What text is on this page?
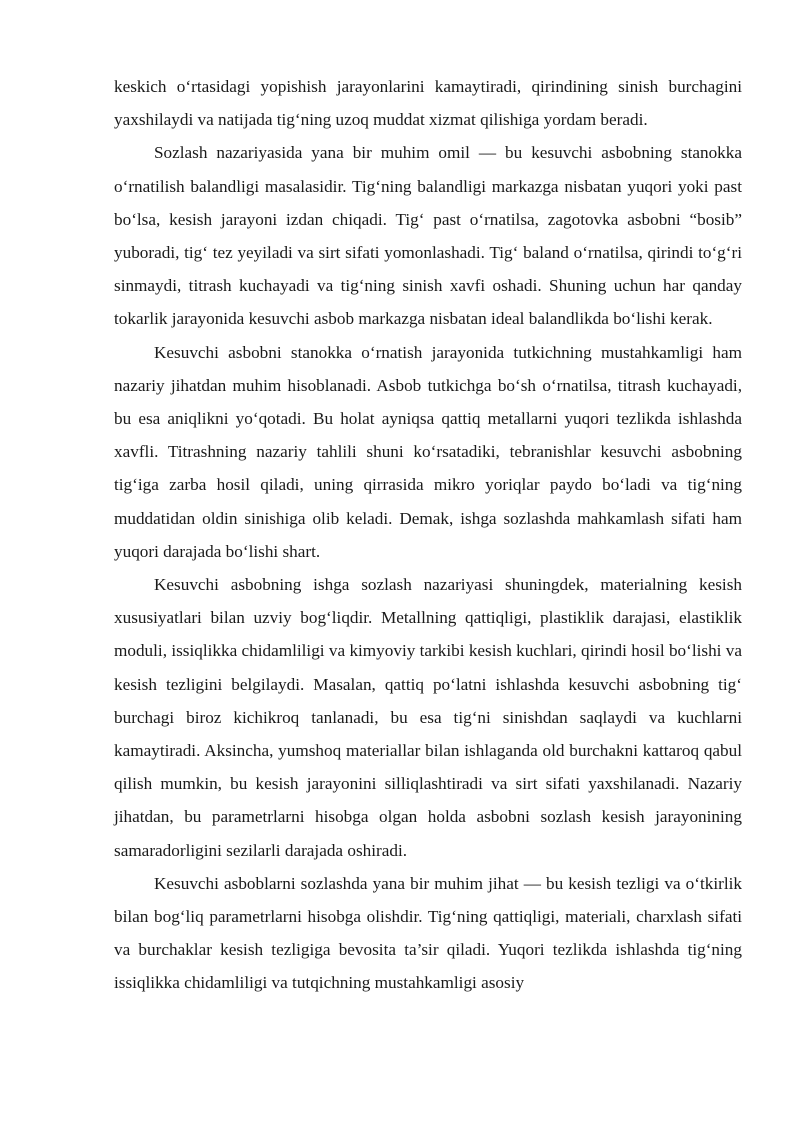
keskich o‘rtasidagi yopishish jarayonlarini kamaytiradi, qirindining sinish burchagini yaxshilaydi va natijada tig‘ning uzoq muddat xizmat qilishiga yordam beradi.

Sozlash nazariyasida yana bir muhim omil — bu kesuvchi asbobning stanokka o‘rnatilish balandligi masalasidir. Tig‘ning balandligi markazga nisbatan yuqori yoki past bo‘lsa, kesish jarayoni izdan chiqadi. Tig‘ past o‘rnatilsa, zagotovka asbobni “bosib” yuboradi, tig‘ tez yeyiladi va sirt sifati yomonlashadi. Tig‘ baland o‘rnatilsa, qirindi to‘g‘ri sinmaydi, titrash kuchayadi va tig‘ning sinish xavfi oshadi. Shuning uchun har qanday tokarlik jarayonida kesuvchi asbob markazga nisbatan ideal balandlikda bo‘lishi kerak.

Kesuvchi asbobni stanokka o‘rnatish jarayonida tutkichning mustahkamligi ham nazariy jihatdan muhim hisoblanadi. Asbob tutkichga bo‘sh o‘rnatilsa, titrash kuchayadi, bu esa aniqlikni yo‘qotadi. Bu holat ayniqsa qattiq metallarni yuqori tezlikda ishlashda xavfli. Titrashning nazariy tahlili shuni ko‘rsatadiki, tebranishlar kesuvchi asbobning tig‘iga zarba hosil qiladi, uning qirrasida mikro yoriqlar paydo bo‘ladi va tig‘ning muddatidan oldin sinishiga olib keladi. Demak, ishga sozlashda mahkamlash sifati ham yuqori darajada bo‘lishi shart.

Kesuvchi asbobning ishga sozlash nazariyasi shuningdek, materialning kesish xususiyatlari bilan uzviy bog‘liqdir. Metallning qattiqligi, plastiklik darajasi, elastiklik moduli, issiqlikka chidamliligi va kimyoviy tarkibi kesish kuchlari, qirindi hosil bo‘lishi va kesish tezligini belgilaydi. Masalan, qattiq po‘latni ishlashda kesuvchi asbobning tig‘ burchagi biroz kichikroq tanlanadi, bu esa tig‘ni sinishdan saqlaydi va kuchlarni kamaytiradi. Aksincha, yumshoq materiallar bilan ishlaganda old burchakni kattaroq qabul qilish mumkin, bu kesish jarayonini silliqlashtiradi va sirt sifati yaxshilanadi. Nazariy jihatdan, bu parametrlarni hisobga olgan holda asbobni sozlash kesish jarayonining samaradorligini sezilarli darajada oshiradi.

Kesuvchi asboblarni sozlashda yana bir muhim jihat — bu kesish tezligi va o‘tkirlik bilan bog‘liq parametrlarni hisobga olishdir. Tig‘ning qattiqligi, materiali, charxlash sifati va burchaklar kesish tezligiga bevosita ta’sir qiladi. Yuqori tezlikda ishlashda tig‘ning issiqlikka chidamliligi va tutqichning mustahkamligi asosiy
